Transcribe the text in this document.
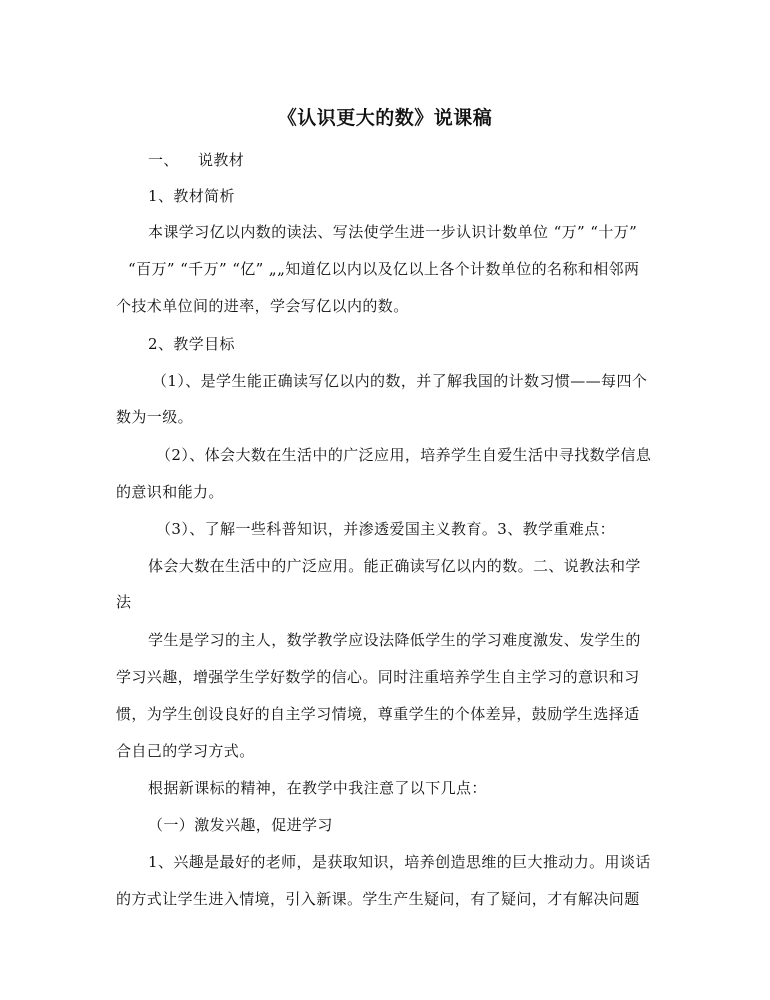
《认识更大的数》说课稿
一、 说教材
1、教材简析
本课学习亿以内数的读法、写法使学生进一步认识计数单位 “万” “十万”
“百万” “千万” “亿” „„知道亿以内以及亿以上各个计数单位的名称和相邻两
个技术单位间的进率，学会写亿以内的数。
2、教学目标
（1）、是学生能正确读写亿以内的数，并了解我国的计数习惯——每四个
数为一级。
（2）、体会大数在生活中的广泛应用，培养学生自爱生活中寻找数学信息
的意识和能力。
（3）、了解一些科普知识，并渗透爱国主义教育。3、教学重难点：
体会大数在生活中的广泛应用。能正确读写亿以内的数。二、说教法和学
法
学生是学习的主人，数学教学应设法降低学生的学习难度激发、发学生的
学习兴趣，增强学生学好数学的信心。同时注重培养学生自主学习的意识和习
惯，为学生创设良好的自主学习情境，尊重学生的个体差异，鼓励学生选择适
合自己的学习方式。
根据新课标的精神，在教学中我注意了以下几点：
（一）激发兴趣，促进学习
1、兴趣是最好的老师，是获取知识，培养创造思维的巨大推动力。用谈话
的方式让学生进入情境，引入新课。学生产生疑问，有了疑问，才有解决问题
